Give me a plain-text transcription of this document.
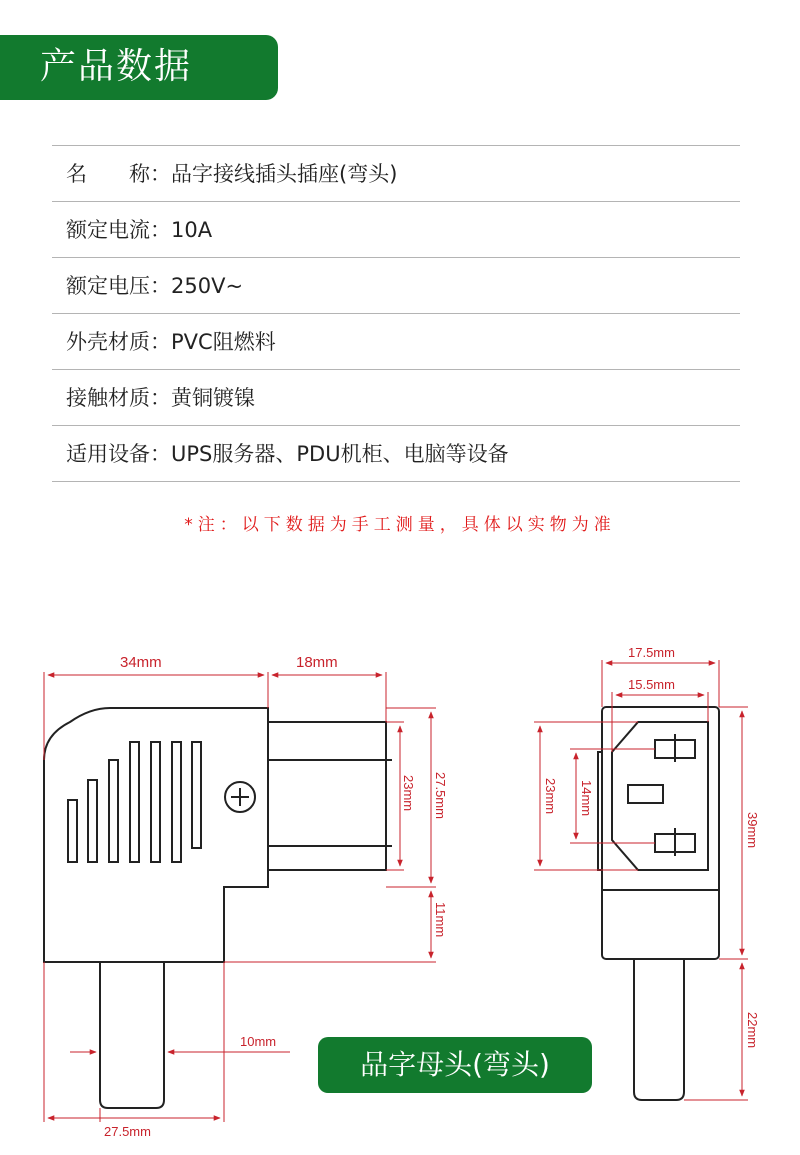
产品数据
名　　称：品字接线插头插座(弯头)
额定电流：10A
额定电压：250V~
外壳材质：PVC阻燃料
接触材质：黄铜镀镍
适用设备：UPS服务器、PDU机柜、电脑等设备
*注：以下数据为手工测量，具体以实物为准
34mm	18mm
23mm 27.5mm
11mm
10mm
27.5mm
17.5mm
15.5mm
23mm 14mm
39mm
22mm
品字母头(弯头)
